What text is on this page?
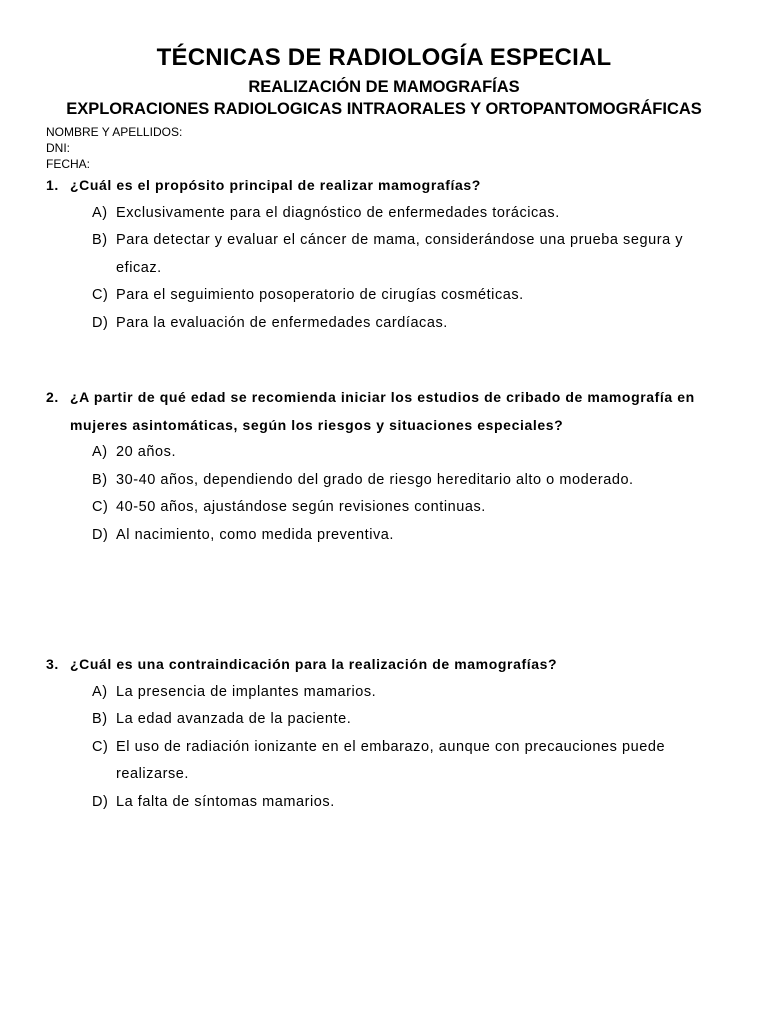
TÉCNICAS DE RADIOLOGÍA ESPECIAL
REALIZACIÓN DE MAMOGRAFÍAS
EXPLORACIONES RADIOLOGICAS INTRAORALES Y ORTOPANTOMOGRÁFICAS
NOMBRE Y APELLIDOS:
DNI:
FECHA:
1. ¿Cuál es el propósito principal de realizar mamografías?
A) Exclusivamente para el diagnóstico de enfermedades torácicas.
B) Para detectar y evaluar el cáncer de mama, considerándose una prueba segura y eficaz.
C) Para el seguimiento posoperatorio de cirugías cosméticas.
D) Para la evaluación de enfermedades cardíacas.
2. ¿A partir de qué edad se recomienda iniciar los estudios de cribado de mamografía en mujeres asintomáticas, según los riesgos y situaciones especiales?
A) 20 años.
B) 30-40 años, dependiendo del grado de riesgo hereditario alto o moderado.
C) 40-50 años, ajustándose según revisiones continuas.
D) Al nacimiento, como medida preventiva.
3. ¿Cuál es una contraindicación para la realización de mamografías?
A) La presencia de implantes mamarios.
B) La edad avanzada de la paciente.
C) El uso de radiación ionizante en el embarazo, aunque con precauciones puede realizarse.
D) La falta de síntomas mamarios.
